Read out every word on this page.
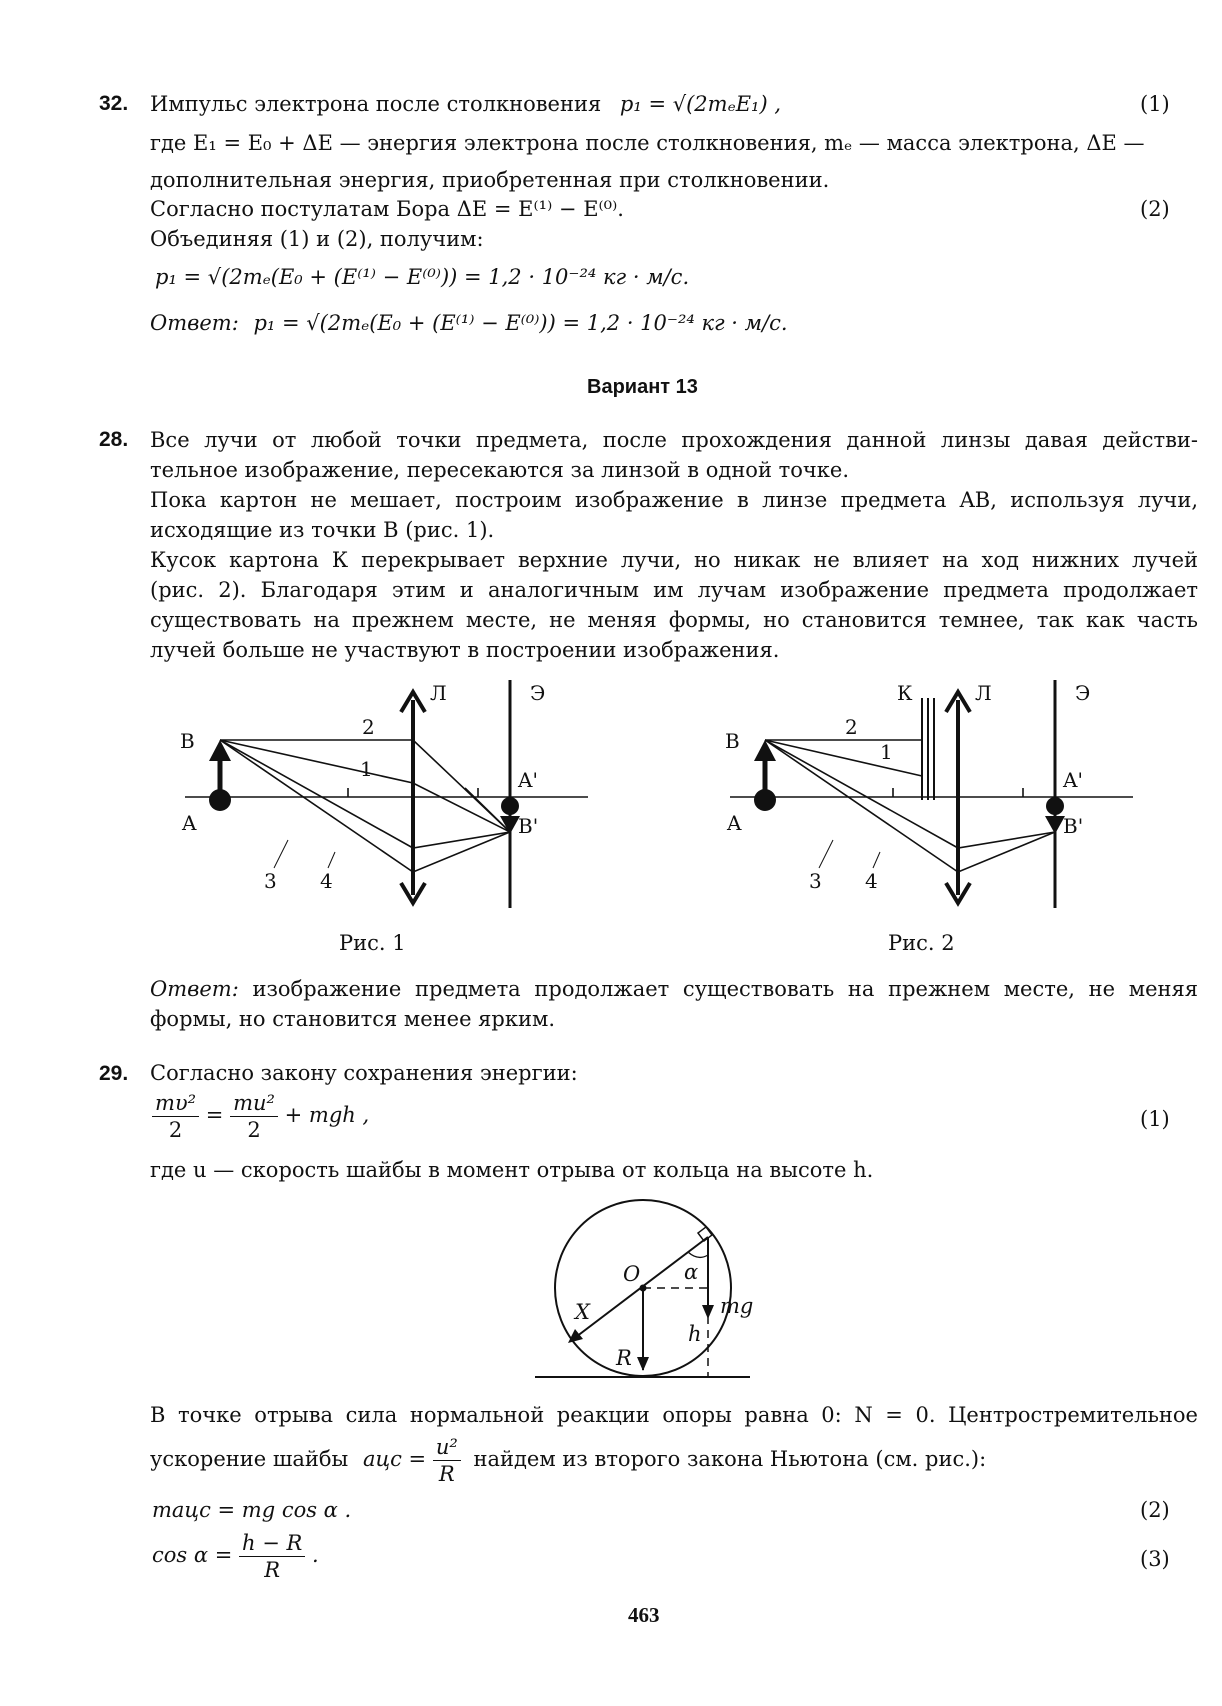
32. Импульс электрона после столкновения p₁ = √(2mₑE₁) ,	(1)
где E₁ = E₀ + ΔE — энергия электрона после столкновения, mₑ — масса электрона, ΔE —
дополнительная энергия, приобретенная при столкновении.
Согласно постулатам Бора ΔE = E⁽¹⁾ − E⁽⁰⁾.	(2)
Объединяя (1) и (2), получим:
p₁ = √(2mₑ(E₀ + (E⁽¹⁾ − E⁽⁰⁾)) = 1,2 · 10⁻²⁴ кг · м/с.
Ответ: p₁ = √(2mₑ(E₀ + (E⁽¹⁾ − E⁽⁰⁾)) = 1,2 · 10⁻²⁴ кг · м/с.
Вариант 13
28. Все лучи от любой точки предмета, после прохождения данной линзы давая действи-
тельное изображение, пересекаются за линзой в одной точке.
Пока картон не мешает, построим изображение в линзе предмета AB, используя лучи,
исходящие из точки B (рис. 1).
Кусок картона К перекрывает верхние лучи, но никак не влияет на ход нижних лучей
(рис. 2). Благодаря этим и аналогичным им лучам изображение предмета продолжает
существовать на прежнем месте, не меняя формы, но становится темнее, так как часть
лучей больше не участвуют в построении изображения.
B
A
Л	Э
A'
B'
1
2
3 4
Рис. 1
B
A
К	Л	Э
A'
B'
1
2
3 4
Рис. 2
Ответ: изображение предмета продолжает существовать на прежнем месте, не меняя
формы, но становится менее ярким.
29. Согласно закону сохранения энергии:
$\frac{\text{mυ²}}{2} = \frac{\text{mu²}}{2}$ + mgh ,	(1)
где u — скорость шайбы в момент отрыва от кольца на высоте h.
O
X
R
h
α
mg
В точке отрыва сила нормальной реакции опоры равна 0: N = 0. Центростремительное
ускорение шайбы aцс = $\frac{\text{u²}}{R}$ найдем из второго закона Ньютона (см. рис.):
maцс = mg cos α .	(2)
$\cos \alpha = \frac{h - R}{R}$ .	(3)
463
